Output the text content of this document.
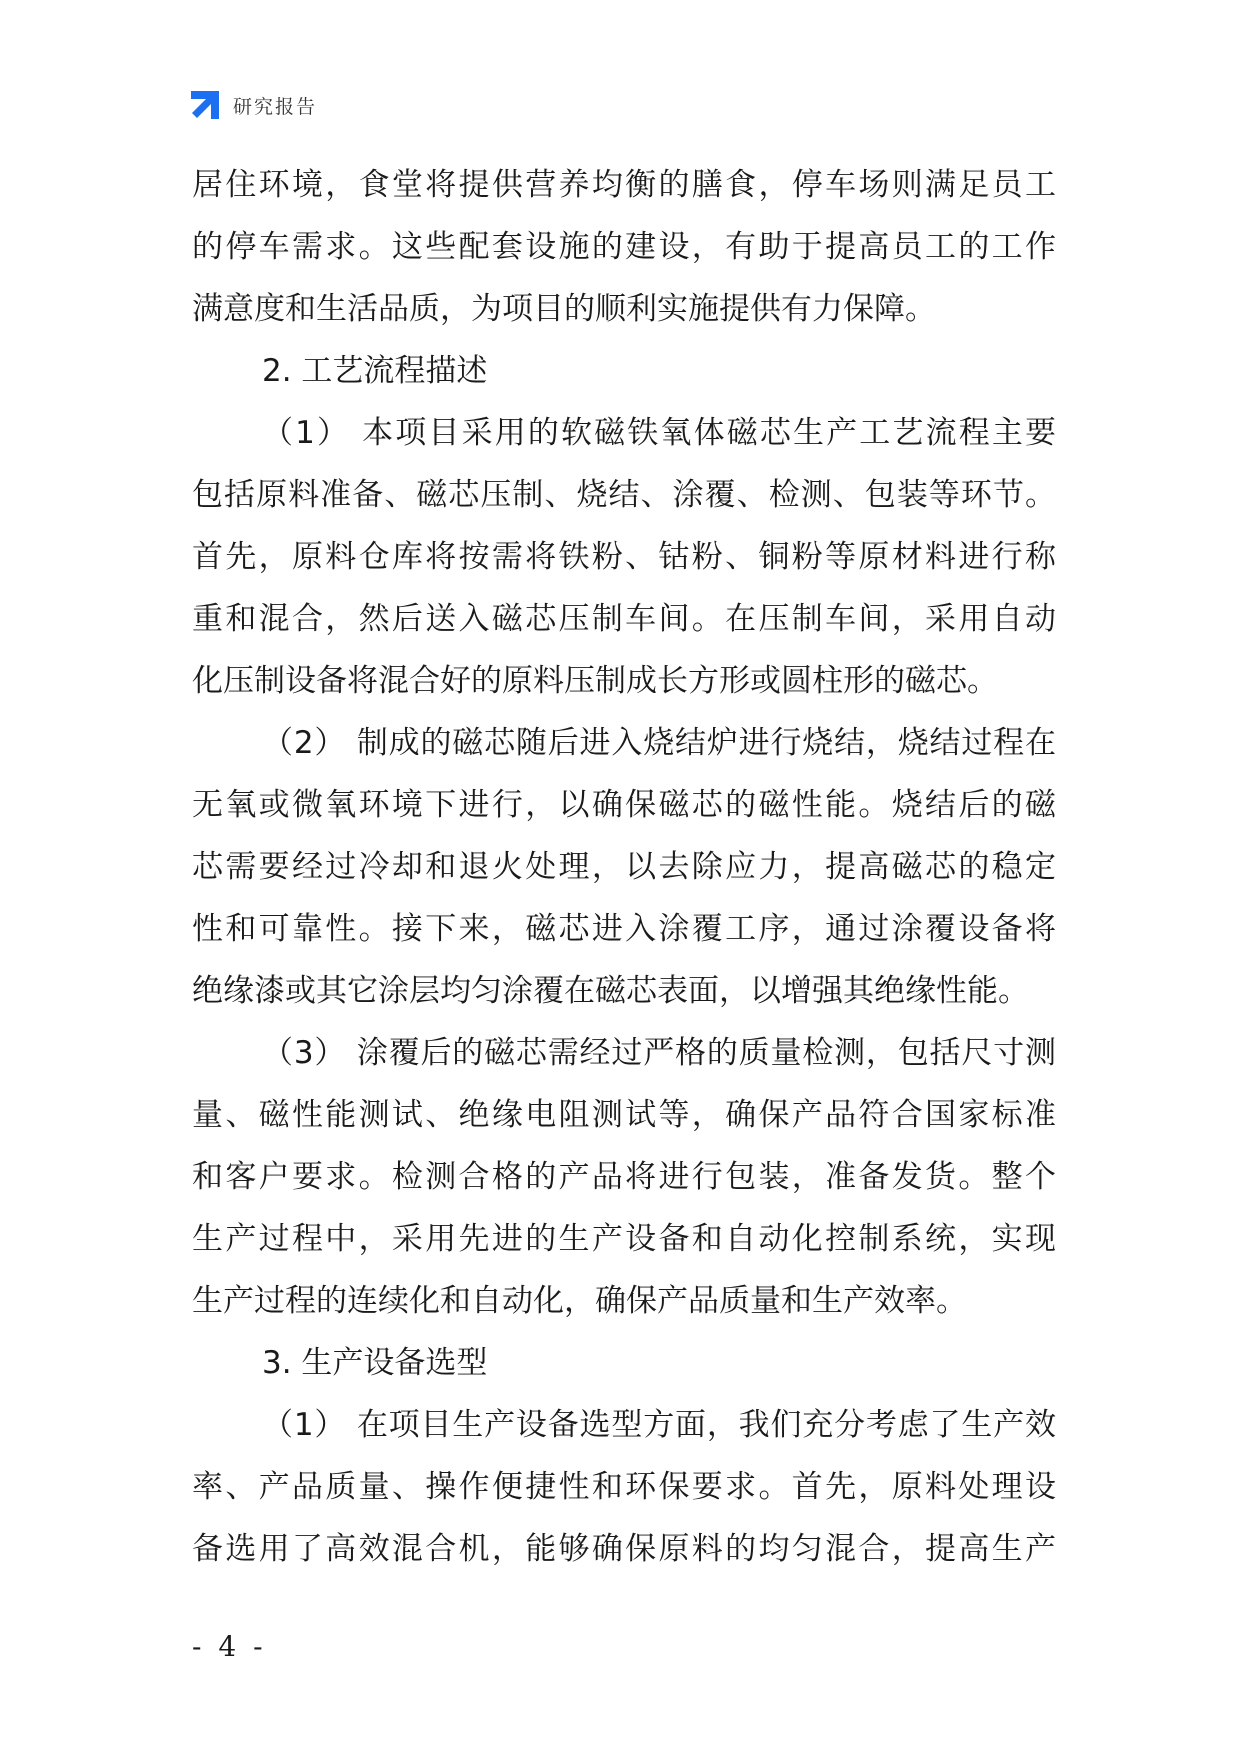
研究报告
居住环境，食堂将提供营养均衡的膳食，停车场则满足员工
的停车需求。这些配套设施的建设，有助于提高员工的工作
满意度和生活品质，为项目的顺利实施提供有力保障。
2. 工艺流程描述
（1） 本项目采用的软磁铁氧体磁芯生产工艺流程主要
包括原料准备、磁芯压制、烧结、涂覆、检测、包装等环节。
首先，原料仓库将按需将铁粉、钴粉、铜粉等原材料进行称
重和混合，然后送入磁芯压制车间。在压制车间，采用自动
化压制设备将混合好的原料压制成长方形或圆柱形的磁芯。
（2） 制成的磁芯随后进入烧结炉进行烧结，烧结过程在
无氧或微氧环境下进行，以确保磁芯的磁性能。烧结后的磁
芯需要经过冷却和退火处理，以去除应力，提高磁芯的稳定
性和可靠性。接下来，磁芯进入涂覆工序，通过涂覆设备将
绝缘漆或其它涂层均匀涂覆在磁芯表面，以增强其绝缘性能。
（3） 涂覆后的磁芯需经过严格的质量检测，包括尺寸测
量、磁性能测试、绝缘电阻测试等，确保产品符合国家标准
和客户要求。检测合格的产品将进行包装，准备发货。整个
生产过程中，采用先进的生产设备和自动化控制系统，实现
生产过程的连续化和自动化，确保产品质量和生产效率。
3. 生产设备选型
（1） 在项目生产设备选型方面，我们充分考虑了生产效
率、产品质量、操作便捷性和环保要求。首先，原料处理设
备选用了高效混合机，能够确保原料的均匀混合，提高生产
- 4 -
